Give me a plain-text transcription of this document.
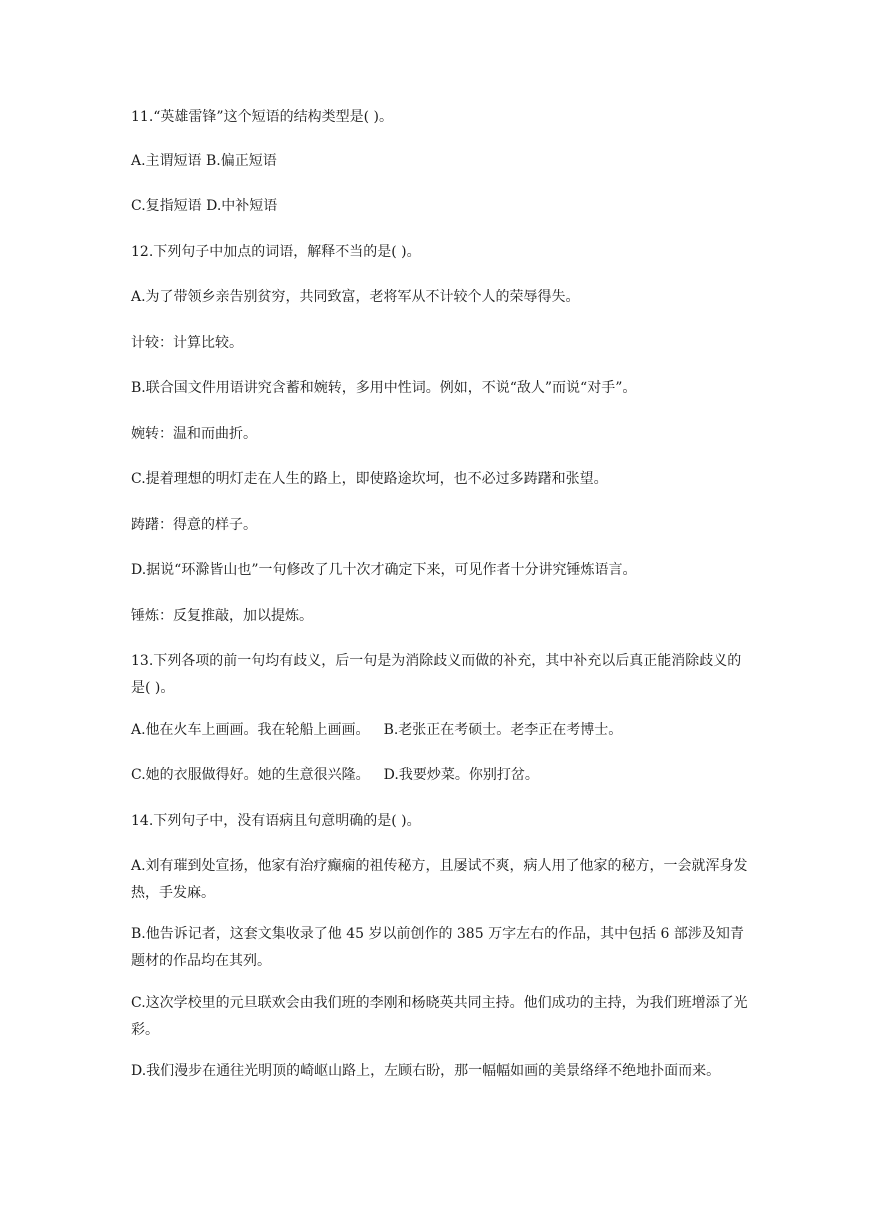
11.“英雄雷锋”这个短语的结构类型是( )。
A.主谓短语 B.偏正短语
C.复指短语 D.中补短语
12.下列句子中加点的词语，解释不当的是( )。
A.为了带领乡亲告别贫穷，共同致富，老将军从不计较个人的荣辱得失。
计较：计算比较。
B.联合国文件用语讲究含蓄和婉转，多用中性词。例如，不说“敌人”而说“对手”。
婉转：温和而曲折。
C.提着理想的明灯走在人生的路上，即使路途坎坷，也不必过多踌躇和张望。
踌躇：得意的样子。
D.据说“环滁皆山也”一句修改了几十次才确定下来，可见作者十分讲究锤炼语言。
锤炼：反复推敲，加以提炼。
13.下列各项的前一句均有歧义，后一句是为消除歧义而做的补充，其中补充以后真正能消除歧义的是( )。
A.他在火车上画画。我在轮船上画画。 B.老张正在考硕士。老李正在考博士。
C.她的衣服做得好。她的生意很兴隆。 D.我要炒菜。你别打岔。
14.下列句子中，没有语病且句意明确的是( )。
A.刘有璀到处宣扬，他家有治疗癫痫的祖传秘方，且屡试不爽，病人用了他家的秘方，一会就浑身发热，手发麻。
B.他告诉记者，这套文集收录了他 45 岁以前创作的 385 万字左右的作品，其中包括 6 部涉及知青题材的作品均在其列。
C.这次学校里的元旦联欢会由我们班的李刚和杨晓英共同主持。他们成功的主持，为我们班增添了光彩。
D.我们漫步在通往光明顶的崎岖山路上，左顾右盼，那一幅幅如画的美景络绎不绝地扑面而来。
